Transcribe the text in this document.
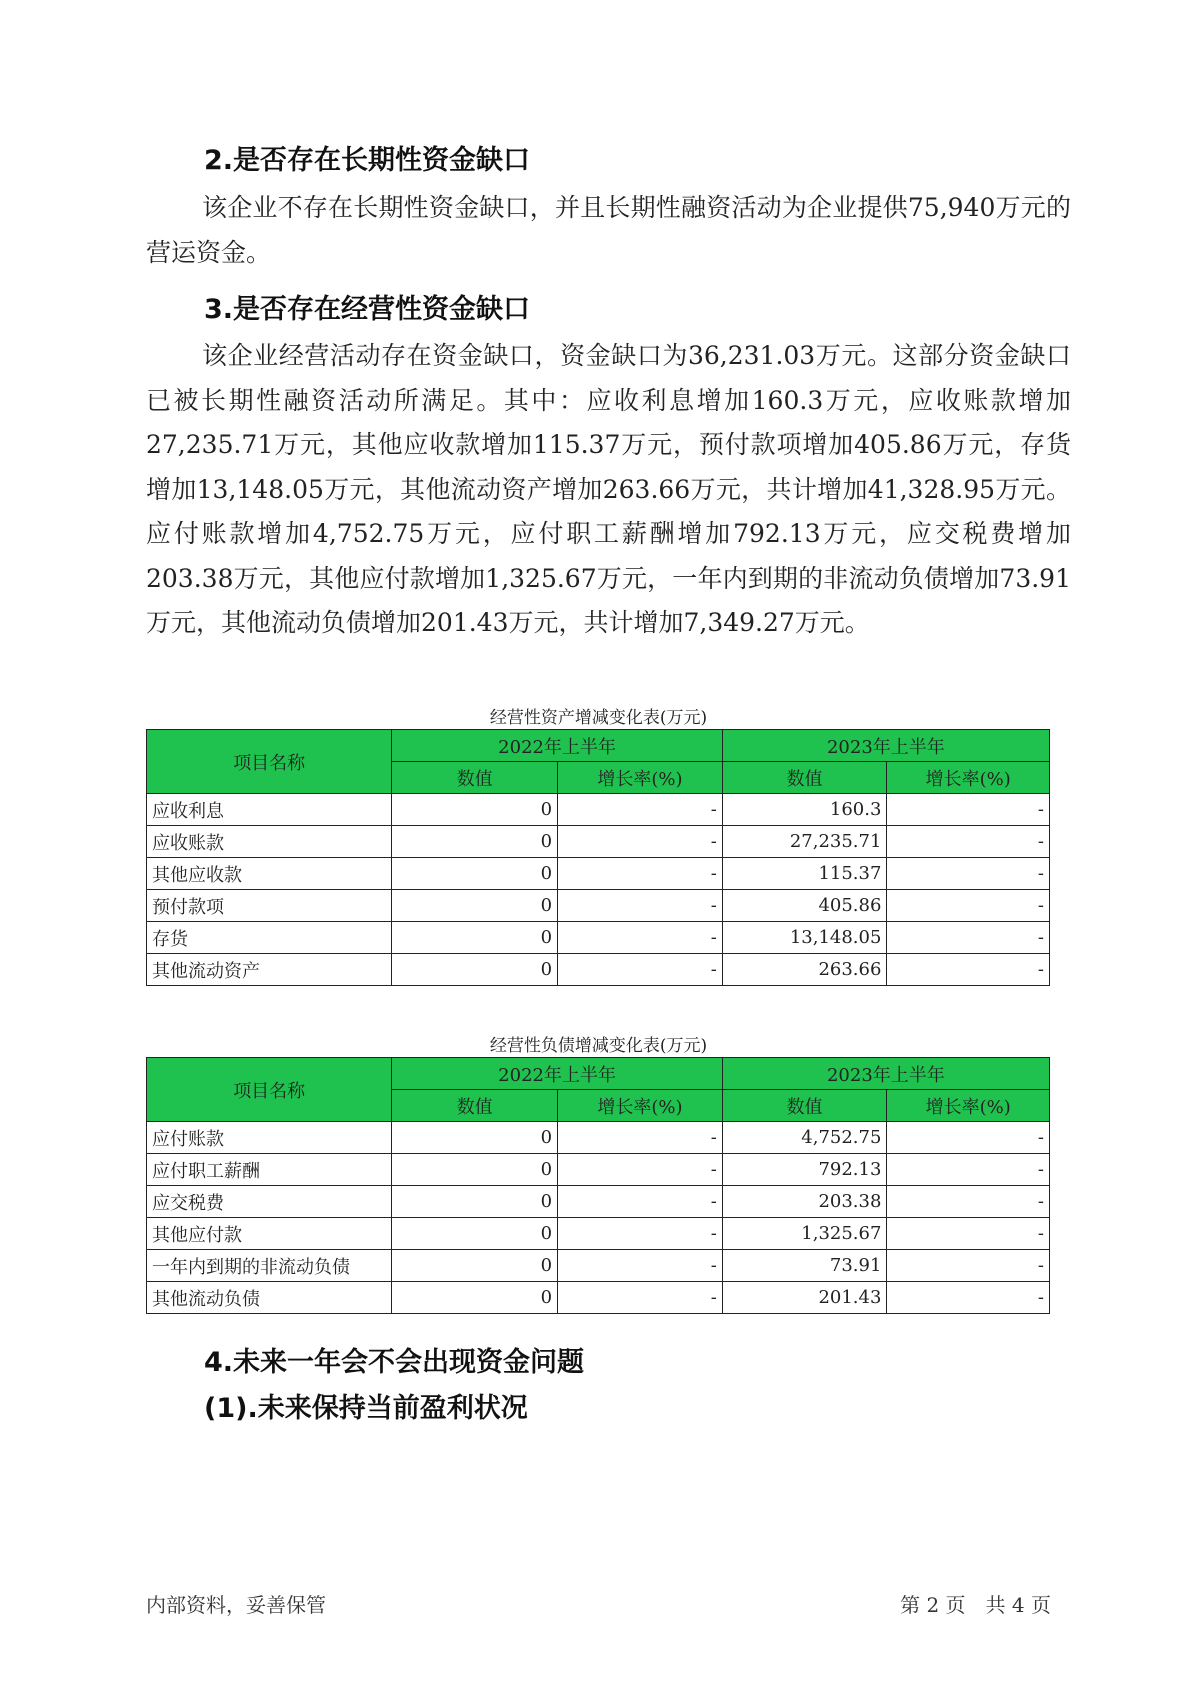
2.是否存在长期性资金缺口

该企业不存在长期性资金缺口，并且长期性融资活动为企业提供75,940万元的营运资金。

3.是否存在经营性资金缺口

该企业经营活动存在资金缺口，资金缺口为36,231.03万元。这部分资金缺口已被长期性融资活动所满足。其中：应收利息增加160.3万元，应收账款增加27,235.71万元，其他应收款增加115.37万元，预付款项增加405.86万元，存货增加13,148.05万元，其他流动资产增加263.66万元，共计增加41,328.95万元。应付账款增加4,752.75万元，应付职工薪酬增加792.13万元，应交税费增加203.38万元，其他应付款增加1,325.67万元，一年内到期的非流动负债增加73.91万元，其他流动负债增加201.43万元，共计增加7,349.27万元。

经营性资产增减变化表(万元)
项目名称	2022年上半年		2023年上半年	
	数值	增长率(%)	数值	增长率(%)
应收利息	0	-	160.3	-
应收账款	0	-	27,235.71	-
其他应收款	0	-	115.37	-
预付款项	0	-	405.86	-
存货	0	-	13,148.05	-
其他流动资产	0	-	263.66	-
经营性负债增减变化表(万元)
项目名称	2022年上半年		2023年上半年	
	数值	增长率(%)	数值	增长率(%)
应付账款	0	-	4,752.75	-
应付职工薪酬	0	-	792.13	-
应交税费	0	-	203.38	-
其他应付款	0	-	1,325.67	-
一年内到期的非流动负债	0	-	73.91	-
其他流动负债	0	-	201.43	-
4.未来一年会不会出现资金问题
(1).未来保持当前盈利状况
内部资料，妥善保管	第 2 页　共 4 页
